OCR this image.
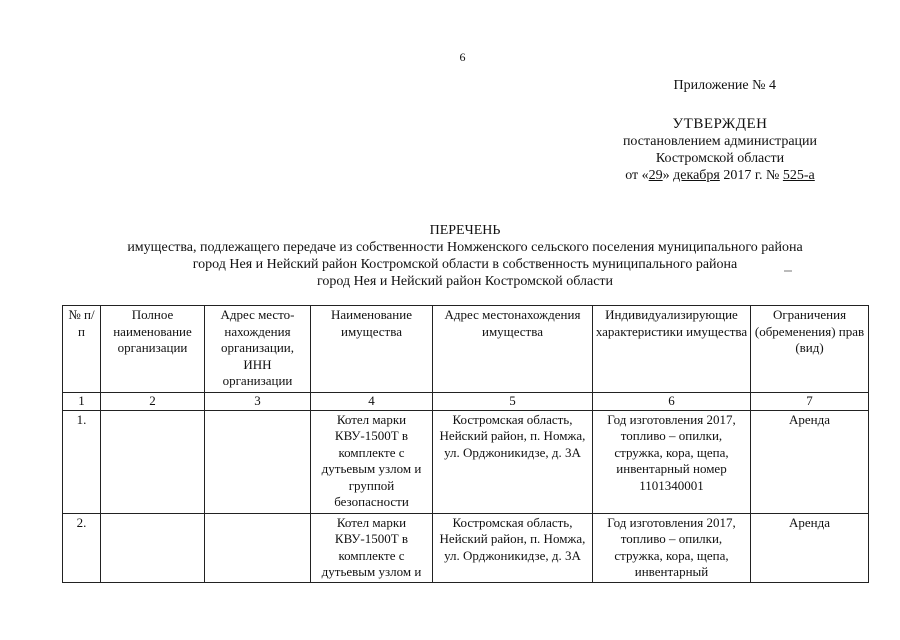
6
Приложение № 4
УТВЕРЖДЕН
постановлением администрации
Костромской области
от «29» декабря 2017 г. № 525-а
ПЕРЕЧЕНЬ
имущества, подлежащего передаче из собственности Номженского сельского поселения муниципального района
город Нея и Нейский район Костромской области в собственность муниципального района
город Нея и Нейский район Костромской области
№ п/п	Полное наименование организации	Адрес место-нахождения организации, ИНН организации	Наименование имущества	Адрес местонахождения имущества	Индивидуализирующие характеристики имущества	Ограничения (обременения) прав (вид)
1	2	3	4	5	6	7
1.			Котел марки КВУ-1500Т в комплекте с дутьевым узлом и группой безопасности	Костромская область, Нейский район, п. Номжа, ул. Орджоникидзе, д. 3А	Год изготовления 2017, топливо – опилки, стружка, кора, щепа, инвентарный номер 1101340001	Аренда
2.			Котел марки КВУ-1500Т в комплекте с дутьевым узлом и	Костромская область, Нейский район, п. Номжа, ул. Орджоникидзе, д. 3А	Год изготовления 2017, топливо – опилки, стружка, кора, щепа, инвентарный	Аренда
